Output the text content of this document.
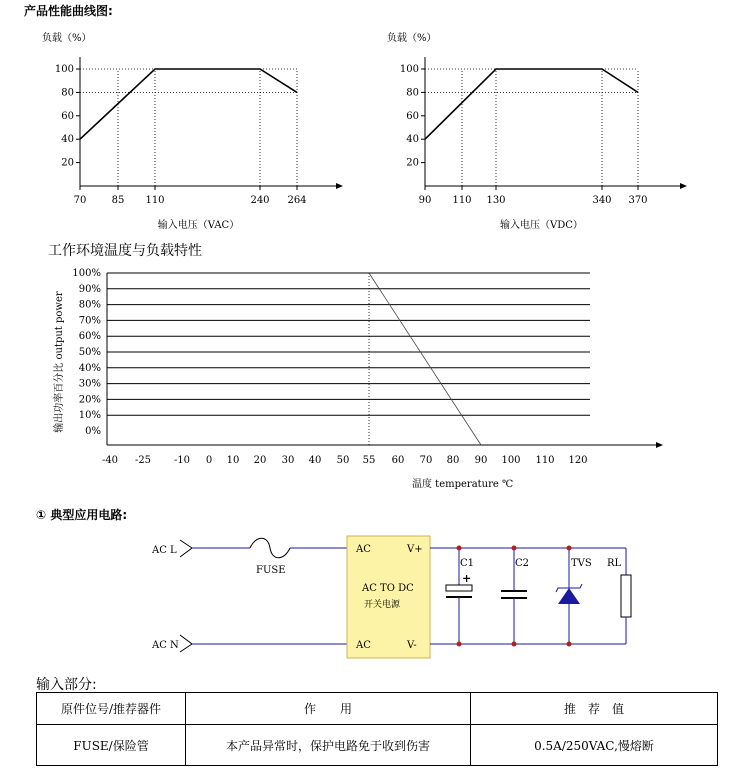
产品性能曲线图:
100
80
60
40
20
70	85 110	240 264
负载（%）
输入电压（VAC）
100
80
60
40
20
90 110 130	340 370
负载（%）
输入电压（VDC）
工作环境温度与负载特性
100%
90%
80%
70%
60%
50%
40%
30%
20%
10%
0%
-40 -25 -10 0 10 20 30 40 50 55 60 70 80 90 100 110 120
输出功率百分比 output power
温度 temperature ℃
① 典型应用电路:
AC L
FUSE
AC N
AC	V+
AC	V-
AC TO DC
开关电源
C1
+
C2	TVS RL
输入部分:
原件位号/推荐器件	作　　用	推　荐　值
FUSE/保险管	本产品异常时，保护电路免于收到伤害	0.5A/250VAC,慢熔断
